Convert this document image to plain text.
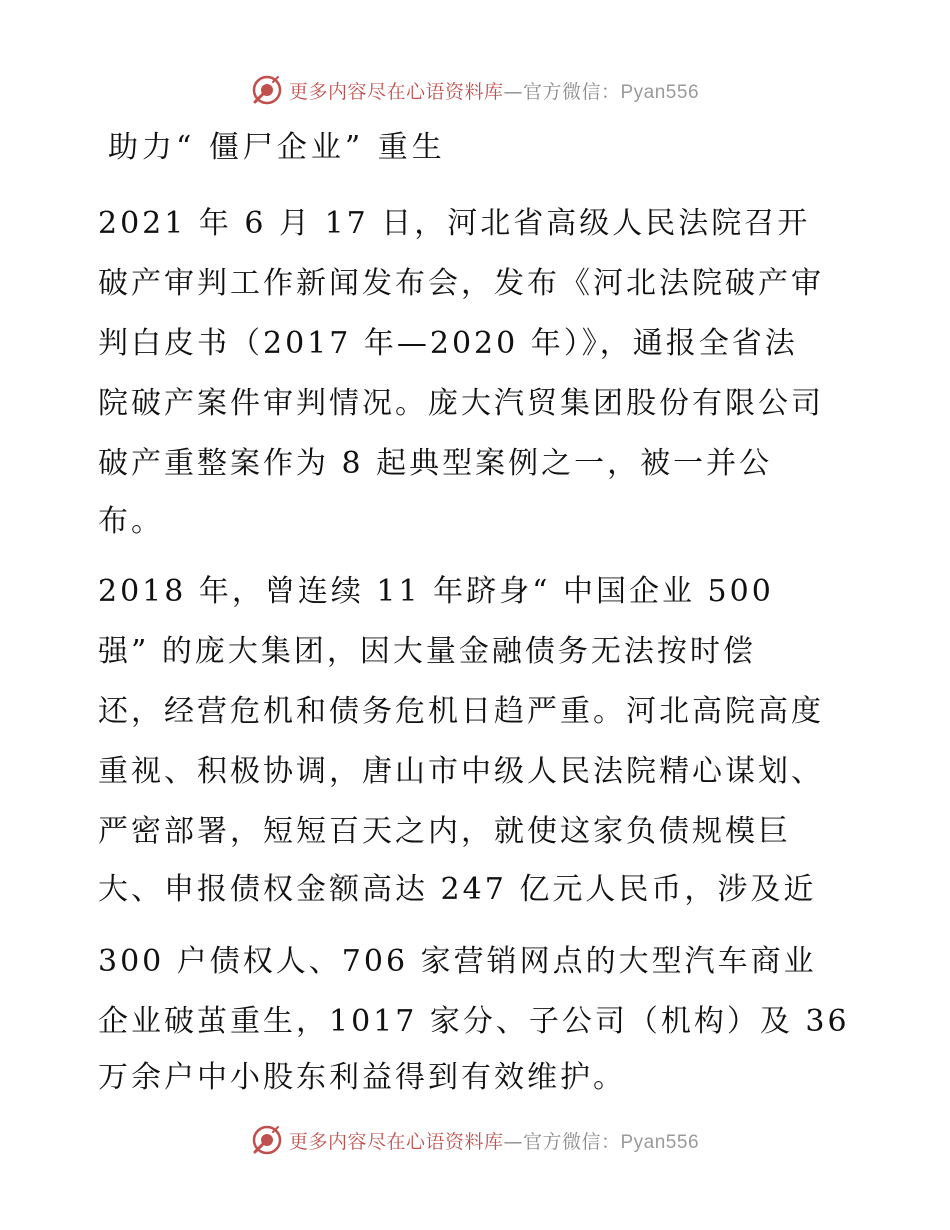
更多内容尽在心语资料库—官方微信：Pyan556
助力“ 僵尸企业” 重生
2021 年 6 月 17 日，河北省高级人民法院召开
破产审判工作新闻发布会，发布《河北法院破产审
判白皮书（2017 年—2020 年）》，通报全省法
院破产案件审判情况。庞大汽贸集团股份有限公司
破产重整案作为 8 起典型案例之一，被一并公
布。
2018 年，曾连续 11 年跻身“ 中国企业 500
强” 的庞大集团，因大量金融债务无法按时偿
还，经营危机和债务危机日趋严重。河北高院高度
重视、积极协调，唐山市中级人民法院精心谋划、
严密部署，短短百天之内，就使这家负债规模巨
大、申报债权金额高达 247 亿元人民币，涉及近
300 户债权人、706 家营销网点的大型汽车商业
企业破茧重生，1017 家分、子公司（机构）及 36
万余户中小股东利益得到有效维护。
更多内容尽在心语资料库—官方微信：Pyan556
